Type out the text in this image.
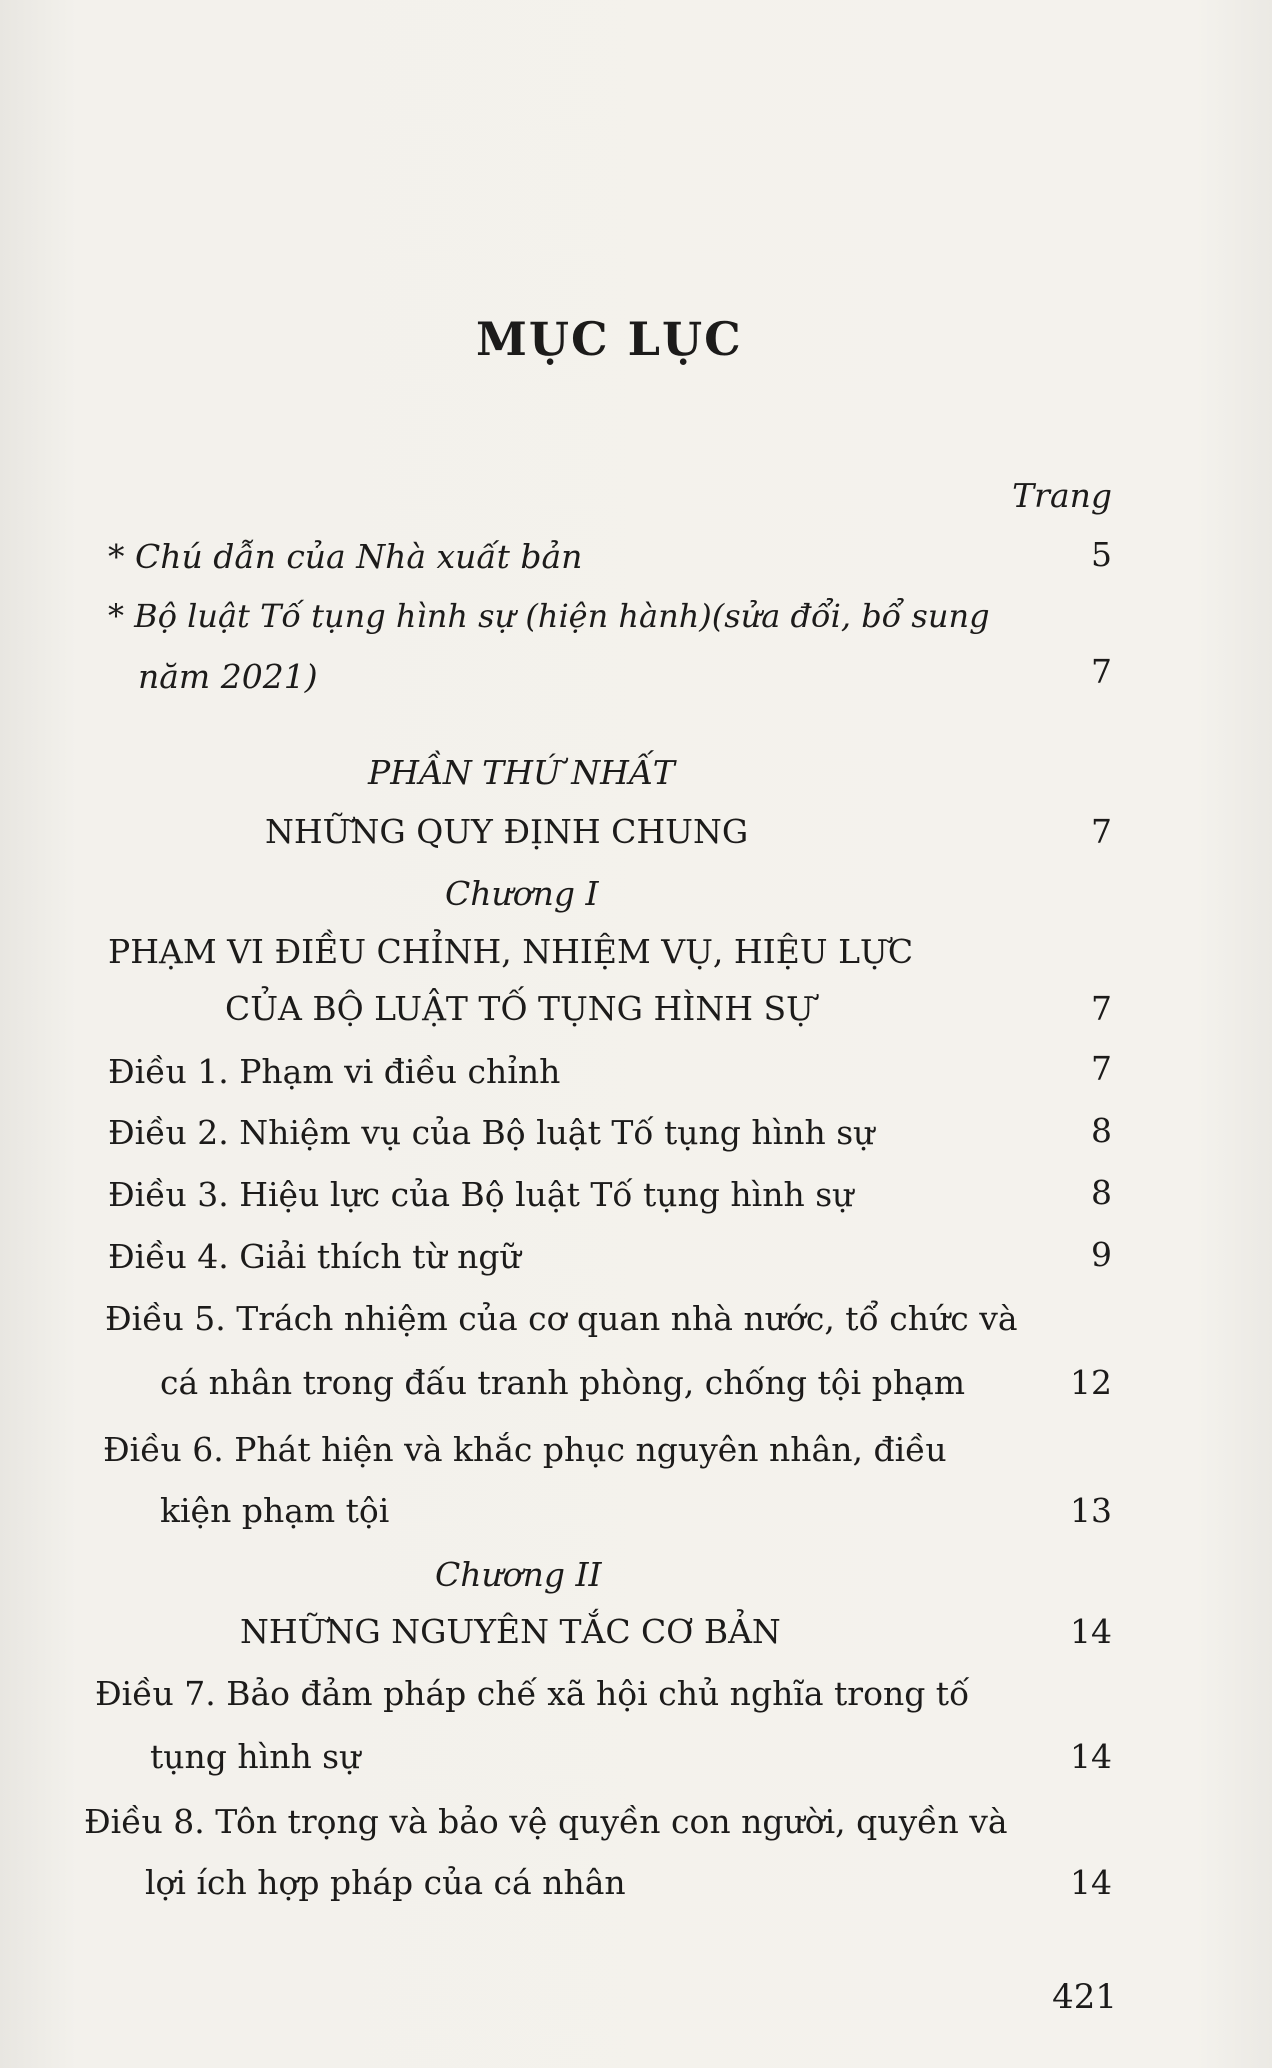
MỤC LỤC
Trang
* Chú dẫn của Nhà xuất bản	5
* Bộ luật Tố tụng hình sự (hiện hành)(sửa đổi, bổ sung
năm 2021)	7
PHẦN THỨ NHẤT
NHỮNG QUY ĐỊNH CHUNG	7
Chương I
PHẠM VI ĐIỀU CHỈNH, NHIỆM VỤ, HIỆU LỰC
CỦA BỘ LUẬT TỐ TỤNG HÌNH SỰ	7
Điều 1. Phạm vi điều chỉnh	7
Điều 2. Nhiệm vụ của Bộ luật Tố tụng hình sự	8
Điều 3. Hiệu lực của Bộ luật Tố tụng hình sự	8
Điều 4. Giải thích từ ngữ	9
Điều 5. Trách nhiệm của cơ quan nhà nước, tổ chức và
cá nhân trong đấu tranh phòng, chống tội phạm	12
Điều 6. Phát hiện và khắc phục nguyên nhân, điều
kiện phạm tội	13
Chương II
NHỮNG NGUYÊN TẮC CƠ BẢN	14
Điều 7. Bảo đảm pháp chế xã hội chủ nghĩa trong tố
tụng hình sự	14
Điều 8. Tôn trọng và bảo vệ quyền con người, quyền và
lợi ích hợp pháp của cá nhân	14
421
